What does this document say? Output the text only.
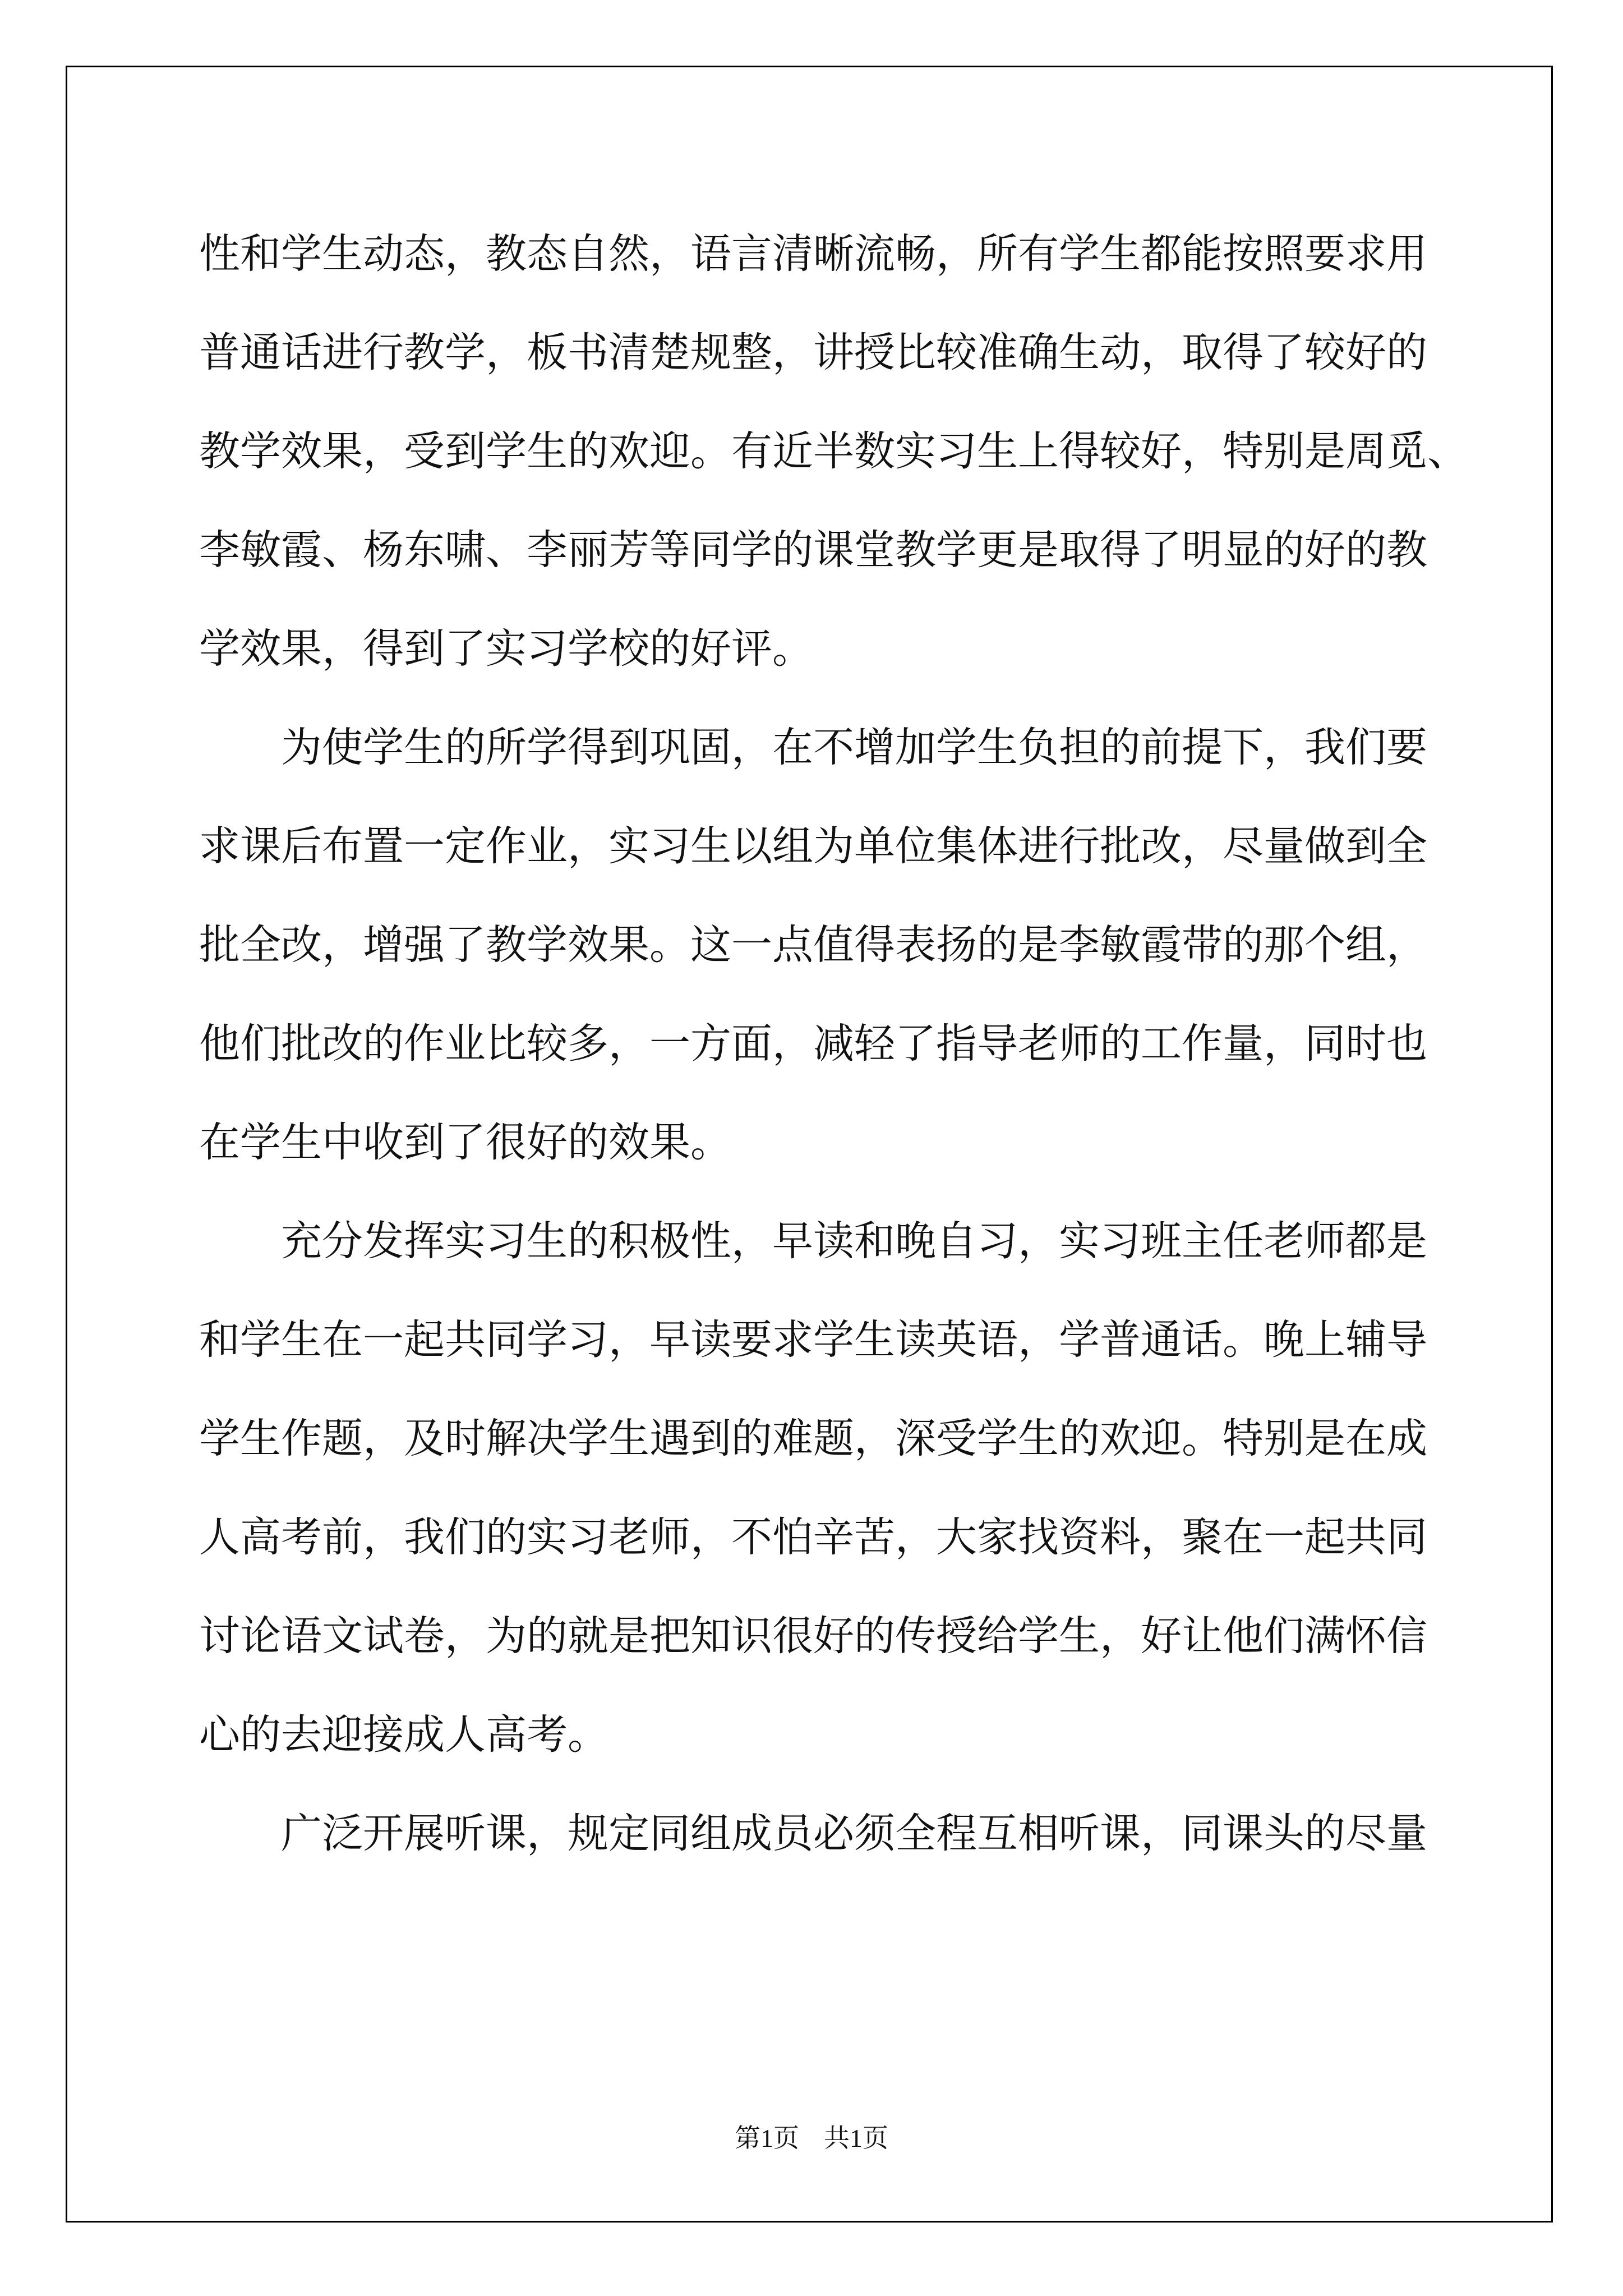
性和学生动态，教态自然，语言清晰流畅，所有学生都能按照要求用
普通话进行教学，板书清楚规整，讲授比较准确生动，取得了较好的
教学效果，受到学生的欢迎。有近半数实习生上得较好，特别是周觅、
李敏霞、杨东啸、李丽芳等同学的课堂教学更是取得了明显的好的教
学效果，得到了实习学校的好评。
为使学生的所学得到巩固，在不增加学生负担的前提下，我们要
求课后布置一定作业，实习生以组为单位集体进行批改，尽量做到全
批全改，增强了教学效果。这一点值得表扬的是李敏霞带的那个组，
他们批改的作业比较多，一方面，减轻了指导老师的工作量，同时也
在学生中收到了很好的效果。
充分发挥实习生的积极性，早读和晚自习，实习班主任老师都是
和学生在一起共同学习，早读要求学生读英语，学普通话。晚上辅导
学生作题，及时解决学生遇到的难题，深受学生的欢迎。特别是在成
人高考前，我们的实习老师，不怕辛苦，大家找资料，聚在一起共同
讨论语文试卷，为的就是把知识很好的传授给学生，好让他们满怀信
心的去迎接成人高考。
广泛开展听课，规定同组成员必须全程互相听课，同课头的尽量
第1页 共1页
